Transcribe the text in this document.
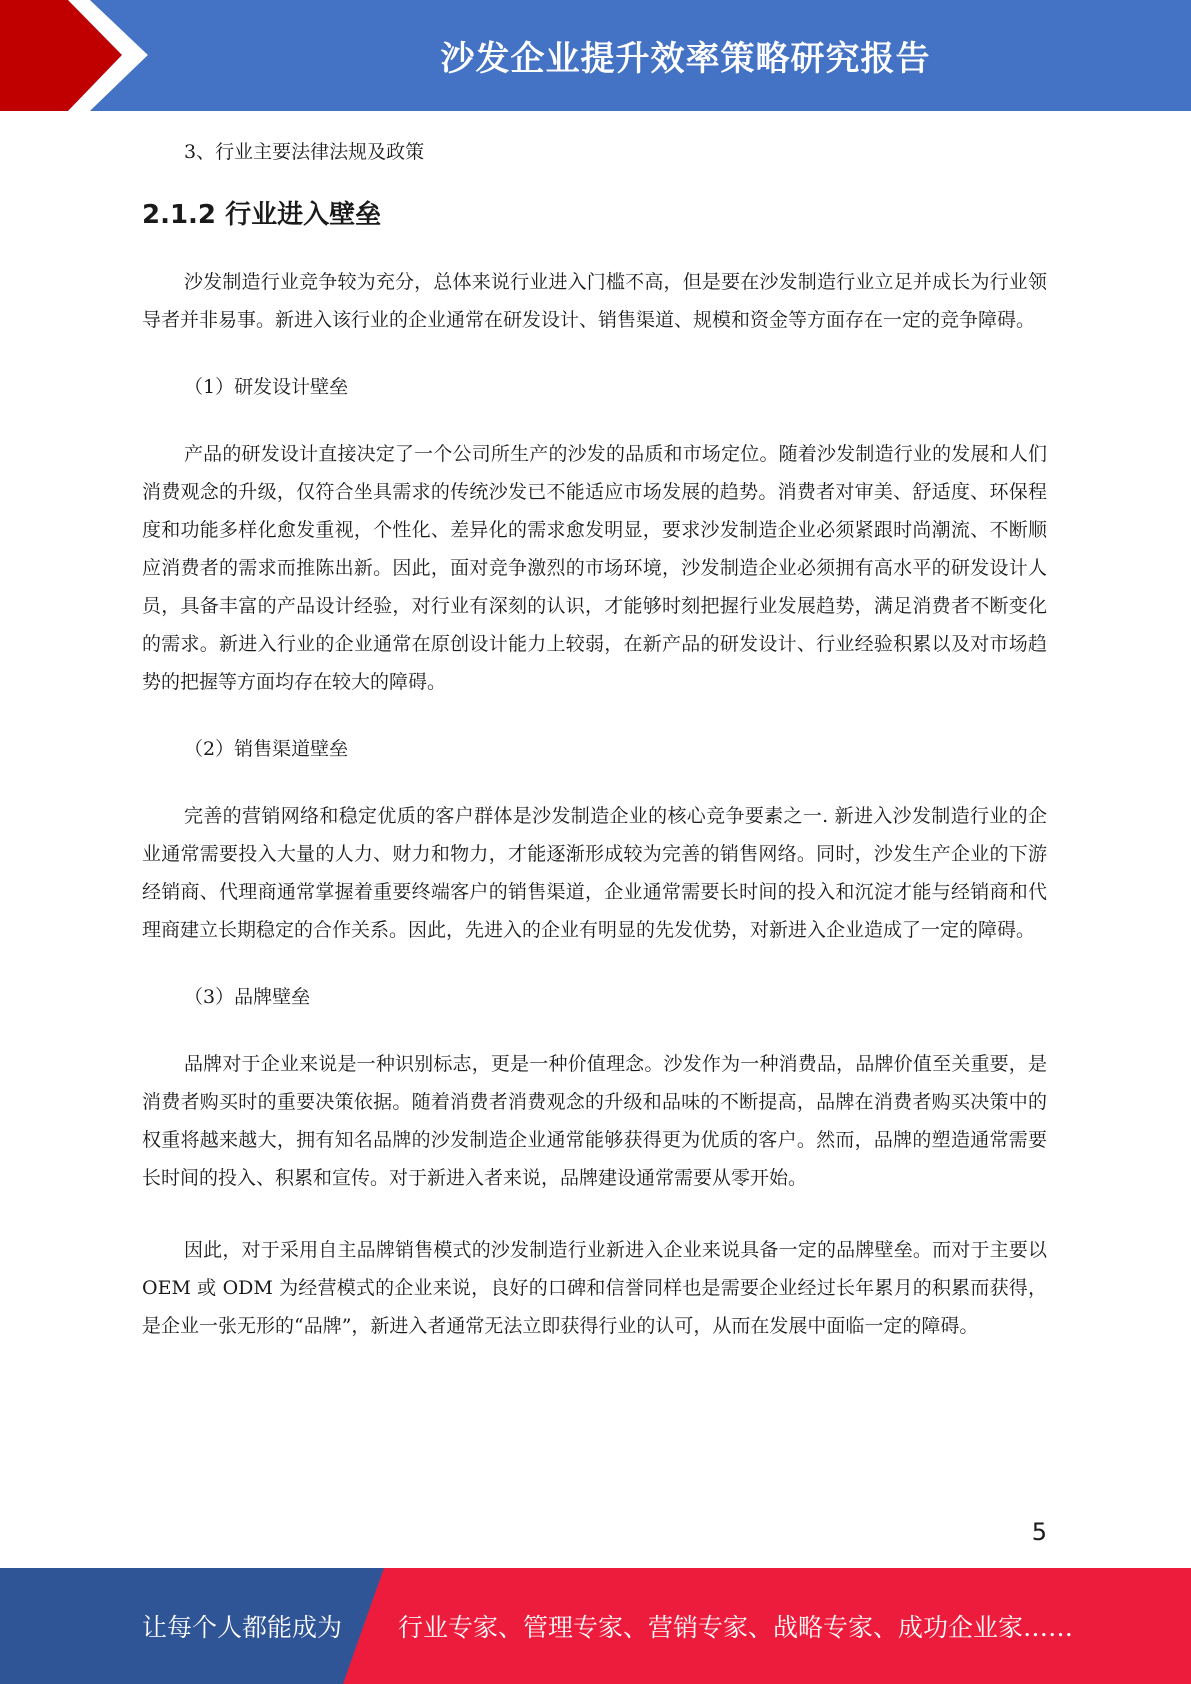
沙发企业提升效率策略研究报告
3、行业主要法律法规及政策
2.1.2 行业进入壁垒

沙发制造行业竞争较为充分，总体来说行业进入门槛不高，但是要在沙发制造行业立足并成长为行业领导者并非易事。新进入该行业的企业通常在研发设计、销售渠道、规模和资金等方面存在一定的竞争障碍。

（1）研发设计壁垒

产品的研发设计直接决定了一个公司所生产的沙发的品质和市场定位。随着沙发制造行业的发展和人们消费观念的升级，仅符合坐具需求的传统沙发已不能适应市场发展的趋势。消费者对审美、舒适度、环保程度和功能多样化愈发重视，个性化、差异化的需求愈发明显，要求沙发制造企业必须紧跟时尚潮流、不断顺应消费者的需求而推陈出新。因此，面对竞争激烈的市场环境，沙发制造企业必须拥有高水平的研发设计人员，具备丰富的产品设计经验，对行业有深刻的认识，才能够时刻把握行业发展趋势，满足消费者不断变化的需求。新进入行业的企业通常在原创设计能力上较弱，在新产品的研发设计、行业经验积累以及对市场趋势的把握等方面均存在较大的障碍。

（2）销售渠道壁垒

完善的营销网络和稳定优质的客户群体是沙发制造企业的核心竞争要素之一. 新进入沙发制造行业的企业通常需要投入大量的人力、财力和物力，才能逐渐形成较为完善的销售网络。同时，沙发生产企业的下游经销商、代理商通常掌握着重要终端客户的销售渠道，企业通常需要长时间的投入和沉淀才能与经销商和代理商建立长期稳定的合作关系。因此，先进入的企业有明显的先发优势，对新进入企业造成了一定的障碍。

（3）品牌壁垒

品牌对于企业来说是一种识别标志，更是一种价值理念。沙发作为一种消费品，品牌价值至关重要，是消费者购买时的重要决策依据。随着消费者消费观念的升级和品味的不断提高，品牌在消费者购买决策中的权重将越来越大，拥有知名品牌的沙发制造企业通常能够获得更为优质的客户。然而，品牌的塑造通常需要长时间的投入、积累和宣传。对于新进入者来说，品牌建设通常需要从零开始。

因此，对于采用自主品牌销售模式的沙发制造行业新进入企业来说具备一定的品牌壁垒。而对于主要以 OEM 或 ODM 为经营模式的企业来说，良好的口碑和信誉同样也是需要企业经过长年累月的积累而获得，是企业一张无形的“品牌”，新进入者通常无法立即获得行业的认可，从而在发展中面临一定的障碍。

5
让每个人都能成为 行业专家、管理专家、营销专家、战略专家、成功企业家……
